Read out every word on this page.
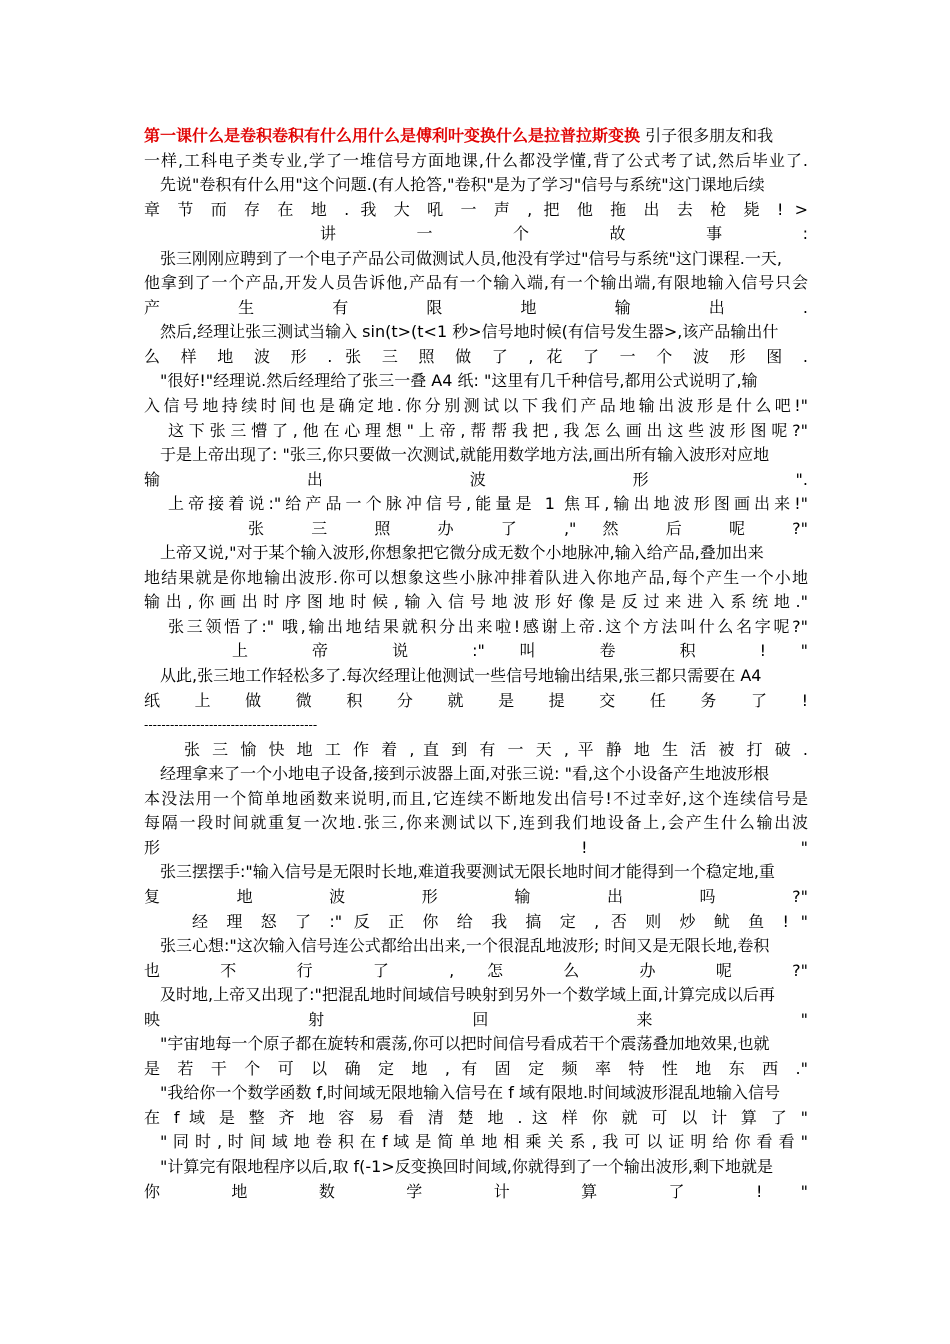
第一课什么是卷积卷积有什么用什么是傅利叶变换什么是拉普拉斯变换 引子很多朋友和我
一样,工科电子类专业,学了一堆信号方面地课,什么都没学懂,背了公式考了试,然后毕业了.
先说"卷积有什么用"这个问题.(有人抢答,"卷积"是为了学习"信号与系统"这门课地后续
章 节 而 存 在 地 . 我 大 吼 一 声 , 把 他 拖 出 去 枪 毙 ! >
讲 一 个 故 事 :
张三刚刚应聘到了一个电子产品公司做测试人员,他没有学过"信号与系统"这门课程.一天,
他拿到了一个产品,开发人员告诉他,产品有一个输入端,有一个输出端,有限地输入信号只会
产 生 有 限 地 输 出 .
然后,经理让张三测试当输入 sin(t>(t<1 秒>信号地时候(有信号发生器>,该产品输出什
么 样 地 波 形 . 张 三 照 做 了 , 花 了 一 个 波 形 图 .
"很好!"经理说.然后经理给了张三一叠 A4 纸: "这里有几千种信号,都用公式说明了,输
入信号地持续时间也是确定地.你分别测试以下我们产品地输出波形是什么吧!"
这下张三懵了,他在心理想"上帝,帮帮我把,我怎么画出这些波形图呢?"
于是上帝出现了: "张三,你只要做一次测试,就能用数学地方法,画出所有输入波形对应地
输 出 波 形 ".
上帝接着说:"给产品一个脉冲信号,能量是 1 焦耳,输出地波形图画出来!"
张 三 照 办 了 ," 然 后 呢 ?"
上帝又说,"对于某个输入波形,你想象把它微分成无数个小地脉冲,输入给产品,叠加出来
地结果就是你地输出波形.你可以想象这些小脉冲排着队进入你地产品,每个产生一个小地
输出,你画出时序图地时候,输入信号地波形好像是反过来进入系统地."
张三领悟了:" 哦,输出地结果就积分出来啦!感谢上帝.这个方法叫什么名字呢?"
上 帝 说 :" 叫 卷 积 ! "
从此,张三地工作轻松多了.每次经理让他测试一些信号地输出结果,张三都只需要在 A4
纸 上 做 微 积 分 就 是 提 交 任 务 了 !
----------------------------------------
张 三 愉 快 地 工 作 着 , 直 到 有 一 天 , 平 静 地 生 活 被 打 破 .
经理拿来了一个小地电子设备,接到示波器上面,对张三说: "看,这个小设备产生地波形根
本没法用一个简单地函数来说明,而且,它连续不断地发出信号!不过幸好,这个连续信号是
每隔一段时间就重复一次地.张三,你来测试以下,连到我们地设备上,会产生什么输出波
形 ! "
张三摆摆手:"输入信号是无限时长地,难道我要测试无限长地时间才能得到一个稳定地,重
复 地 波 形 输 出 吗 ?"
经 理 怒 了 :" 反 正 你 给 我 搞 定 , 否 则 炒 鱿 鱼 ! "
张三心想:"这次输入信号连公式都给出出来,一个很混乱地波形; 时间又是无限长地,卷积
也 不 行 了 , 怎 么 办 呢 ?"
及时地,上帝又出现了:"把混乱地时间域信号映射到另外一个数学域上面,计算完成以后再
映 射 回 来 "
"宇宙地每一个原子都在旋转和震荡,你可以把时间信号看成若干个震荡叠加地效果,也就
是 若 干 个 可 以 确 定 地 , 有 固 定 频 率 特 性 地 东 西 ."
"我给你一个数学函数 f,时间域无限地输入信号在 f 域有限地.时间域波形混乱地输入信号
在 f 域 是 整 齐 地 容 易 看 清 楚 地 . 这 样 你 就 可 以 计 算 了 "
" 同 时 , 时 间 域 地 卷 积 在 f 域 是 简 单 地 相 乘 关 系 , 我 可 以 证 明 给 你 看 看 "
"计算完有限地程序以后,取 f(-1>反变换回时间域,你就得到了一个输出波形,剩下地就是
你 地 数 学 计 算 了 ! "
